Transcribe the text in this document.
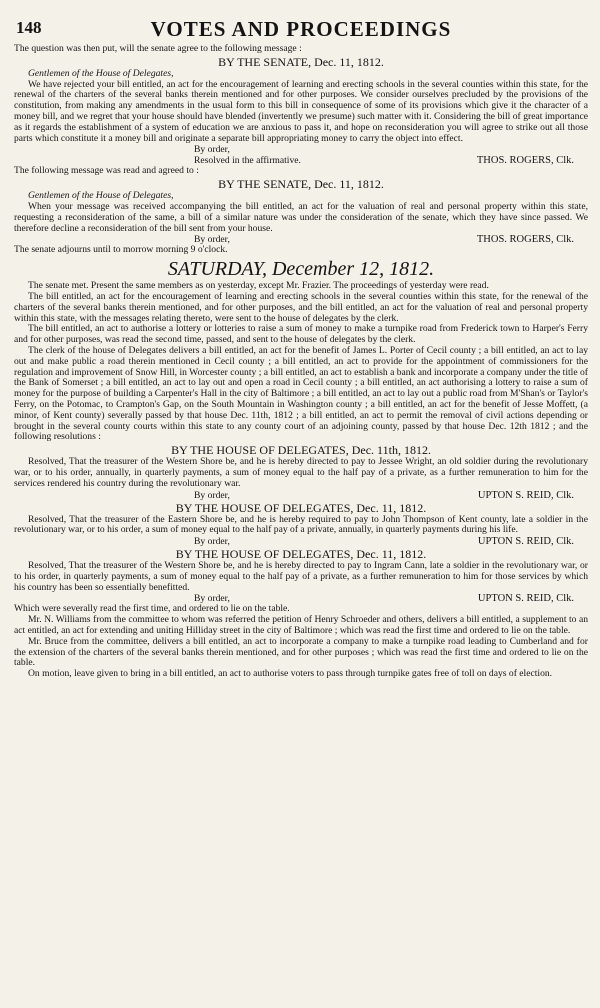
148	VOTES AND PROCEEDINGS

The question was then put, will the senate agree to the following message :

BY THE SENATE, Dec. 11, 1812.

Gentlemen of the House of Delegates,

We have rejected your bill entitled, an act for the encouragement of learning and erecting schools in the several counties within this state, for the renewal of the charters of the several banks therein mentioned and for other purposes. We consider ourselves precluded by the provisions of the constitution, from making any amendments in the usual form to this bill in consequence of some of its provisions which give it the character of a money bill, and we regret that your house should have blended (invertently we presume) such matter with it. Considering the bill of great importance as it regards the establishment of a system of education we are anxious to pass it, and hope on reconsideration you will agree to strike out all those parts which constitute it a money bill and originate a separate bill appropriating money to carry the object into effect.

By order,
Resolved in the affirmative.	THOS. ROGERS, Clk.

The following message was read and agreed to :

BY THE SENATE, Dec. 11, 1812.

Gentlemen of the House of Delegates,

When your message was received accompanying the bill entitled, an act for the valuation of real and personal property within this state, requesting a reconsideration of the same, a bill of a similar nature was under the consideration of the senate, which they have since passed. We therefore decline a reconsideration of the bill sent from your house.

By order,	THOS. ROGERS, Clk.

The senate adjourns until to morrow morning 9 o'clock.

SATURDAY, December 12, 1812.

The senate met. Present the same members as on yesterday, except Mr. Frazier. The proceedings of yesterday were read.

The bill entitled, an act for the encouragement of learning and erecting schools in the several counties within this state, for the renewal of the charters of the several banks therein mentioned, and for other purposes, and the bill entitled, an act for the valuation of real and personal property within this state, with the messages relating thereto, were sent to the house of delegates by the clerk.

The bill entitled, an act to authorise a lottery or lotteries to raise a sum of money to make a turnpike road from Frederick town to Harper's Ferry and for other purposes, was read the second time, passed, and sent to the house of delegates by the clerk.

The clerk of the house of Delegates delivers a bill entitled, an act for the benefit of James L. Porter of Cecil county ; a bill entitled, an act to lay out and make public a road therein mentioned in Cecil county ; a bill entitled, an act to provide for the appointment of commissioners for the regulation and improvement of Snow Hill, in Worcester county ; a bill entitled, an act to establish a bank and incorporate a company under the title of the Bank of Somerset ; a bill entitled, an act to lay out and open a road in Cecil county ; a bill entitled, an act authorising a lottery to raise a sum of money for the purpose of building a Carpenter's Hall in the city of Baltimore ; a bill entitled, an act to lay out a public road from M'Shan's or Taylor's Ferry, on the Potomac, to Crampton's Gap, on the South Mountain in Washington county ; a bill entitled, an act for the benefit of Jesse Moffett, (a minor, of Kent county) severally passed by that house Dec. 11th, 1812 ; a bill entitled, an act to permit the removal of civil actions depending or brought in the several county courts within this state to any county court of an adjoining county, passed by that house Dec. 12th 1812 ; and the following resolutions :

BY THE HOUSE OF DELEGATES, Dec. 11th, 1812.

Resolved, That the treasurer of the Western Shore be, and he is hereby directed to pay to Jessee Wright, an old soldier during the revolutionary war, or to his order, annually, in quarterly payments, a sum of money equal to the half pay of a private, as a further remuneration to him for the services rendered his country during the revolutionary war.

By order,	UPTON S. REID, Clk.

BY THE HOUSE OF DELEGATES, Dec. 11, 1812.

Resolved, That the treasurer of the Eastern Shore be, and he is hereby required to pay to John Thompson of Kent county, late a soldier in the revolutionary war, or to his order, a sum of money equal to the half pay of a private, annually, in quarterly payments during his life.

By order,	UPTON S. REID, Clk.

BY THE HOUSE OF DELEGATES, Dec. 11, 1812.

Resolved, That the treasurer of the Western Shore be, and he is hereby directed to pay to Ingram Cann, late a soldier in the revolutionary war, or to his order, in quarterly payments, a sum of money equal to the half pay of a private, as a further remuneration to him for those services by which his country has been so essentially benefitted.

By order,	UPTON S. REID, Clk.

Which were severally read the first time, and ordered to lie on the table.

Mr. N. Williams from the committee to whom was referred the petition of Henry Schroeder and others, delivers a bill entitled, a supplement to an act entitled, an act for extending and uniting Hilliday street in the city of Baltimore ; which was read the first time and ordered to lie on the table.

Mr. Bruce from the committee, delivers a bill entitled, an act to incorporate a company to make a turnpike road leading to Cumberland and for the extension of the charters of the several banks therein mentioned, and for other purposes ; which was read the first time and ordered to lie on the table.

On motion, leave given to bring in a bill entitled, an act to authorise voters to pass through turnpike gates free of toll on days of election.
